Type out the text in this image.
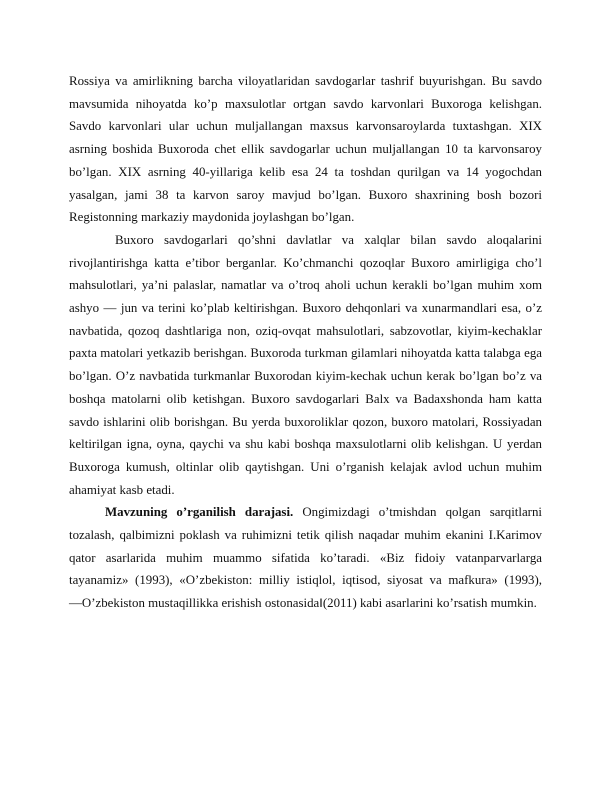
Rossiya va amirlikning barcha viloyatlaridan savdogarlar tashrif buyurishgan. Bu savdo mavsumida nihoyatda ko’p maxsulotlar ortgan savdo karvonlari Buxoroga kelishgan. Savdo karvonlari ular uchun muljallangan maxsus karvonsaroylarda tuxtashgan. XIX asrning boshida Buxoroda chet ellik savdogarlar uchun muljallangan 10 ta karvonsaroy bo’lgan. XIX asrning 40-yillariga kelib esa 24 ta toshdan qurilgan va 14 yogochdan yasalgan, jami 38 ta karvon saroy mavjud bo’lgan. Buxoro shaxrining bosh bozori Registonning markaziy maydonida joylashgan bo’lgan.

Buxoro savdogarlari qo’shni davlatlar va xalqlar bilan savdo aloqalarini rivojlantirishga katta e’tibor berganlar. Ko’chmanchi qozoqlar Buxoro amirligiga cho’l mahsulotlari, ya’ni palaslar, namatlar va o’troq aholi uchun kerakli bo’lgan muhim xom ashyo — jun va terini ko’plab keltirishgan. Buxoro dehqonlari va xunarmandlari esa, o’z navbatida, qozoq dashtlariga non, oziq-ovqat mahsulotlari, sabzovotlar, kiyim-kechaklar paxta matolari yetkazib berishgan. Buxoroda turkman gilamlari nihoyatda katta talabga ega bo’lgan. O’z navbatida turkmanlar Buxorodan kiyim-kechak uchun kerak bo’lgan bo’z va boshqa matolarni olib ketishgan. Buxoro savdogarlari Balx va Badaxshonda ham katta savdo ishlarini olib borishgan. Bu yerda buxoroliklar qozon, buxoro matolari, Rossiyadan keltirilgan igna, oyna, qaychi va shu kabi boshqa maxsulotlarni olib kelishgan. U yerdan Buxoroga kumush, oltinlar olib qaytishgan. Uni o’rganish kelajak avlod uchun muhim ahamiyat kasb etadi.

Mavzuning o’rganilish darajasi. Ongimizdagi o’tmishdan qolgan sarqitlarni tozalash, qalbimizni poklash va ruhimizni tetik qilish naqadar muhim ekanini I.Karimov qator asarlarida muhim muammo sifatida ko’taradi. «Biz fidoiy vatanparvarlarga tayanamiz» (1993), «O’zbekiston: milliy istiqlol, iqtisod, siyosat va mafkura» (1993), ―O’zbekiston mustaqillikka erishish ostonasida‖(2011) kabi asarlarini ko’rsatish mumkin.
